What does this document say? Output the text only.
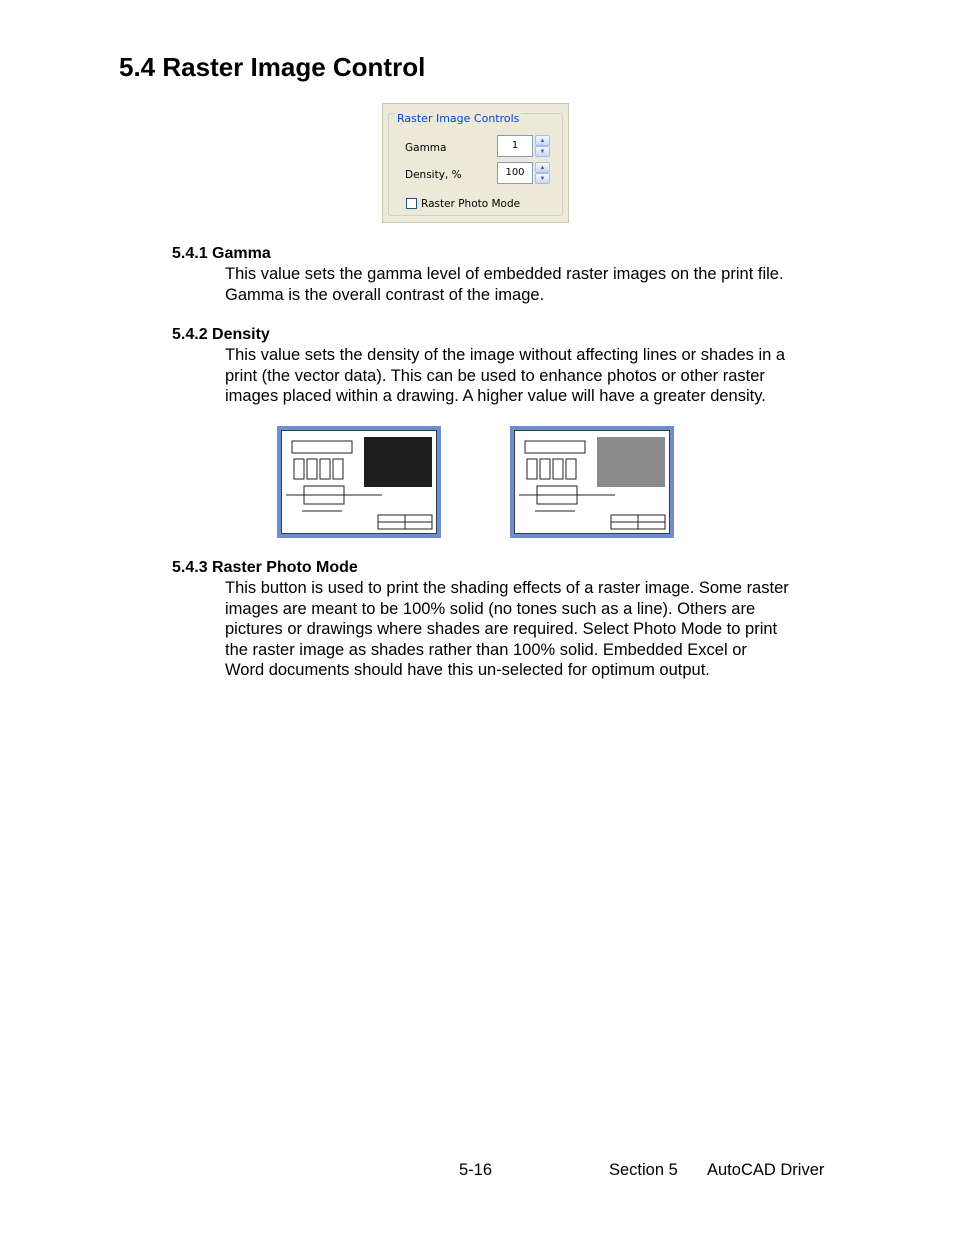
5.4 Raster Image Control
Raster Image Controls
Gamma	1	▲
▼
Density, %	100	▲
▼
Raster Photo Mode
5.4.1 Gamma
This value sets the gamma level of embedded raster images on the print file.
Gamma is the overall contrast of the image.
5.4.2 Density
This value sets the density of the image without affecting lines or shades in a
print (the vector data). This can be used to enhance photos or other raster
images placed within a drawing. A higher value will have a greater density.
5.4.3 Raster Photo Mode
This button is used to print the shading effects of a raster image. Some raster
images are meant to be 100% solid (no tones such as a line). Others are
pictures or drawings where shades are required. Select Photo Mode to print
the raster image as shades rather than 100% solid. Embedded Excel or
Word documents should have this un-selected for optimum output.
5-16	Section 5 AutoCAD Driver
